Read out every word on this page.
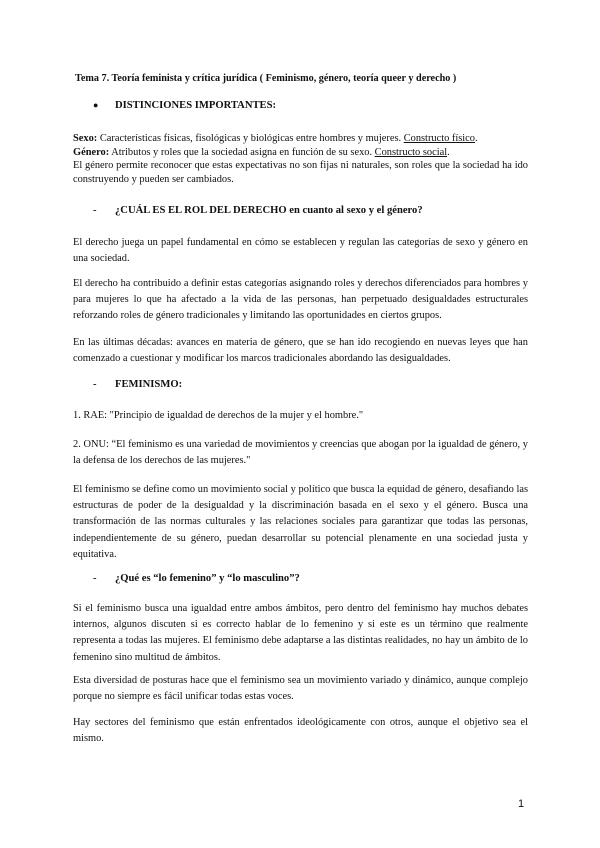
Tema 7. Teoría feminista y crítica jurídica ( Feminismo, género, teoría queer y derecho )
● DISTINCIONES IMPORTANTES:
Sexo: Características físicas, fisológicas y biológicas entre hombres y mujeres. Constructo físico.
Género: Atributos y roles que la sociedad asigna en función de su sexo. Constructo social.
El género permite reconocer que estas expectativas no son fijas ni naturales, son roles que la sociedad ha ido construyendo y pueden ser cambiados.
- ¿CUÁL ES EL ROL DEL DERECHO en cuanto al sexo y el género?
El derecho juega un papel fundamental en cómo se establecen y regulan las categorías de sexo y género en una sociedad.
El derecho ha contribuido a definir estas categorías asignando roles y derechos diferenciados para hombres y para mujeres lo que ha afectado a la vida de las personas, han perpetuado desigualdades estructurales reforzando roles de género tradicionales y limitando las oportunidades en ciertos grupos.
En las últimas décadas: avances en materia de género, que se han ido recogiendo en nuevas leyes que han comenzado a cuestionar y modificar los marcos tradicionales abordando las desigualdades.
- FEMINISMO:
1. RAE: "Principio de igualdad de derechos de la mujer y el hombre."
2. ONU: “El feminismo es una variedad de movimientos y creencias que abogan por la igualdad de género, y la defensa de los derechos de las mujeres."
El feminismo se define como un movimiento social y político que busca la equidad de género, desafiando las estructuras de poder de la desigualdad y la discriminación basada en el sexo y el género. Busca una transformación de las normas culturales y las relaciones sociales para garantizar que todas las personas, independientemente de su género, puedan desarrollar su potencial plenamente en una sociedad justa y equitativa.
- ¿Qué es “lo femenino” y “lo masculino”?
Si el feminismo busca una igualdad entre ambos ámbitos, pero dentro del feminismo hay muchos debates internos, algunos discuten si es correcto hablar de lo femenino y si este es un término que realmente representa a todas las mujeres. El feminismo debe adaptarse a las distintas realidades, no hay un ámbito de lo femenino sino multitud de ámbitos.
Esta diversidad de posturas hace que el feminismo sea un movimiento variado y dinámico, aunque complejo porque no siempre es fácil unificar todas estas voces.
Hay sectores del feminismo que están enfrentados ideológicamente con otros, aunque el objetivo sea el mismo.
1
